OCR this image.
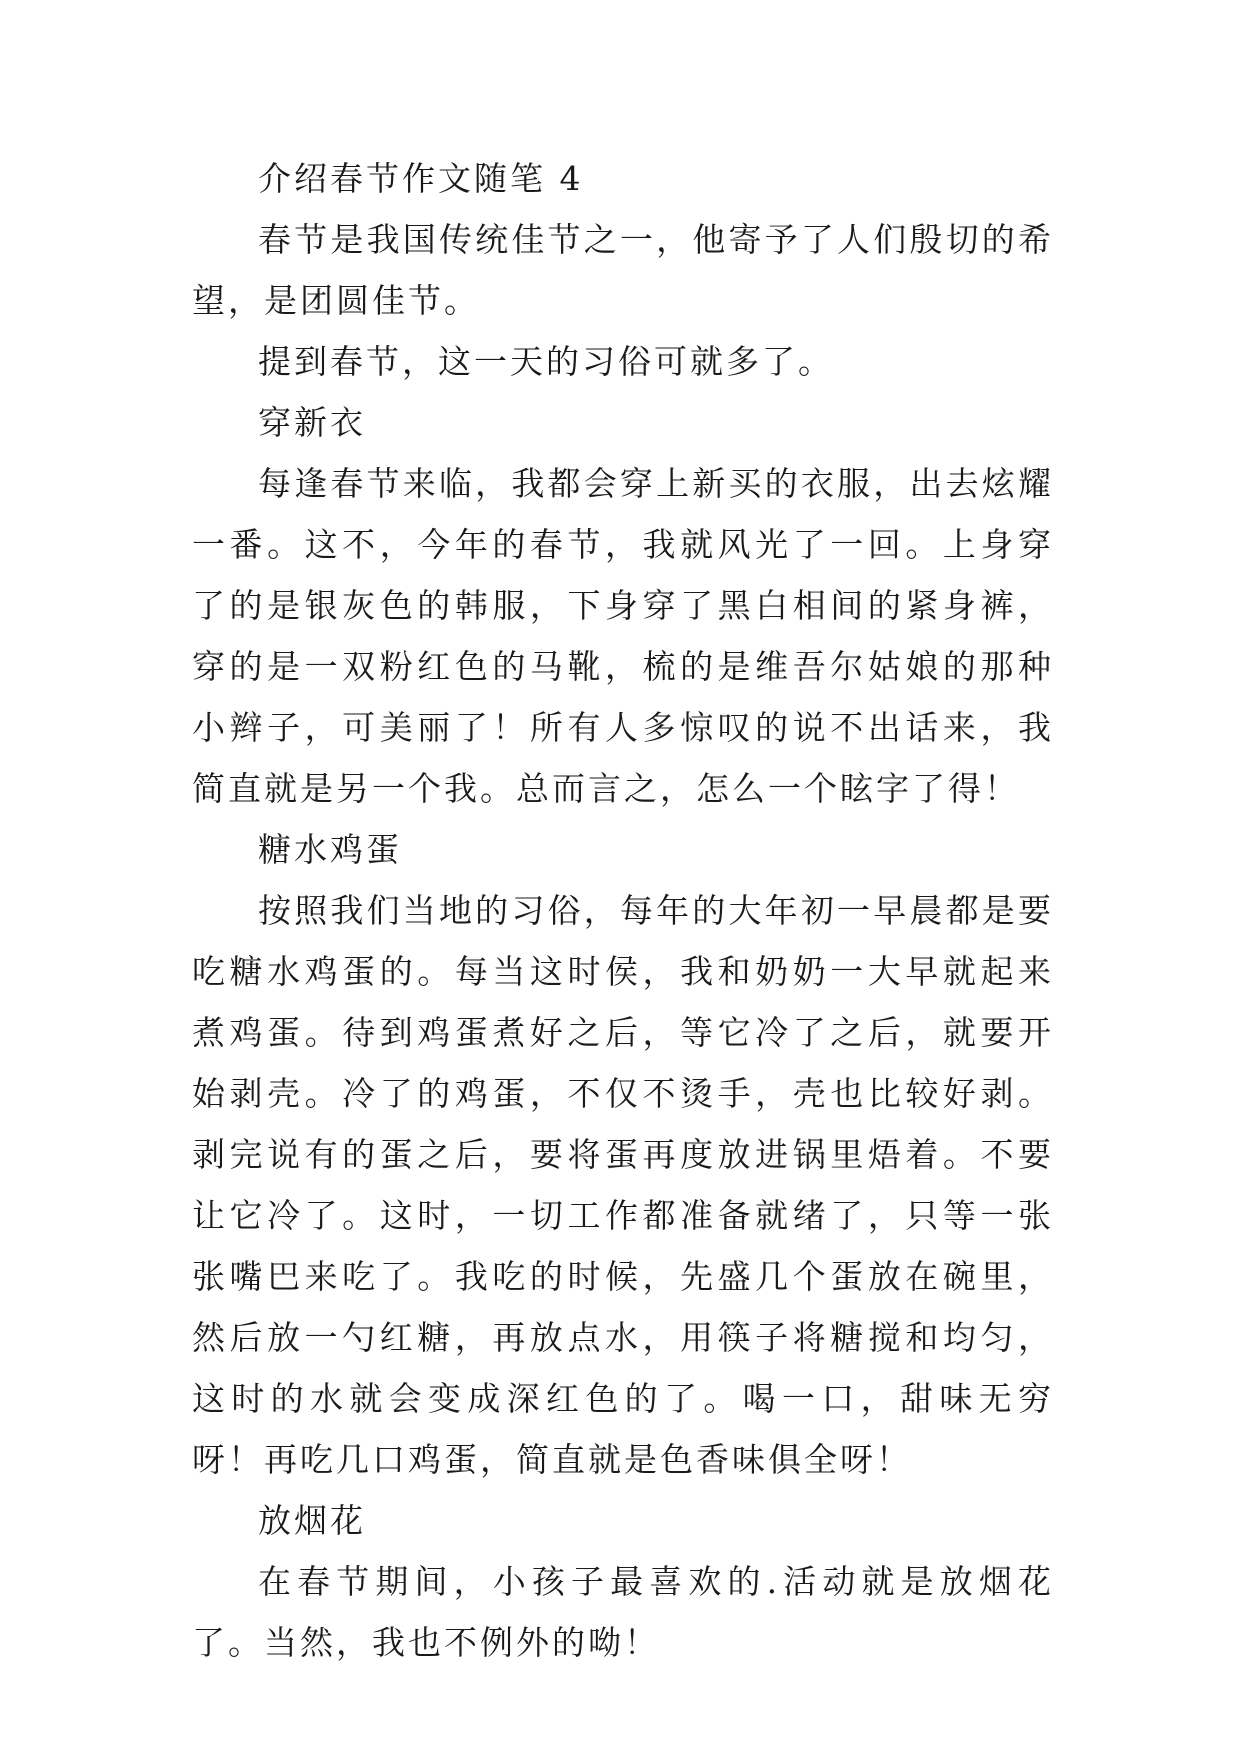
介绍春节作文随笔 4

春节是我国传统佳节之一，他寄予了人们殷切的希望，是团圆佳节。

提到春节，这一天的习俗可就多了。

穿新衣

每逢春节来临，我都会穿上新买的衣服，出去炫耀一番。这不，今年的春节，我就风光了一回。上身穿了的是银灰色的韩服，下身穿了黑白相间的紧身裤，穿的是一双粉红色的马靴，梳的是维吾尔姑娘的那种小辫子，可美丽了！所有人多惊叹的说不出话来，我简直就是另一个我。总而言之，怎么一个眩字了得！

糖水鸡蛋

按照我们当地的习俗，每年的大年初一早晨都是要吃糖水鸡蛋的。每当这时侯，我和奶奶一大早就起来煮鸡蛋。待到鸡蛋煮好之后，等它冷了之后，就要开始剥壳。冷了的鸡蛋，不仅不烫手，壳也比较好剥。剥完说有的蛋之后，要将蛋再度放进锅里焐着。不要让它冷了。这时，一切工作都准备就绪了，只等一张张嘴巴来吃了。我吃的时候，先盛几个蛋放在碗里，然后放一勺红糖，再放点水，用筷子将糖搅和均匀，这时的水就会变成深红色的了。喝一口，甜味无穷呀！再吃几口鸡蛋，简直就是色香味俱全呀！

放烟花

在春节期间，小孩子最喜欢的.活动就是放烟花了。当然，我也不例外的呦！
